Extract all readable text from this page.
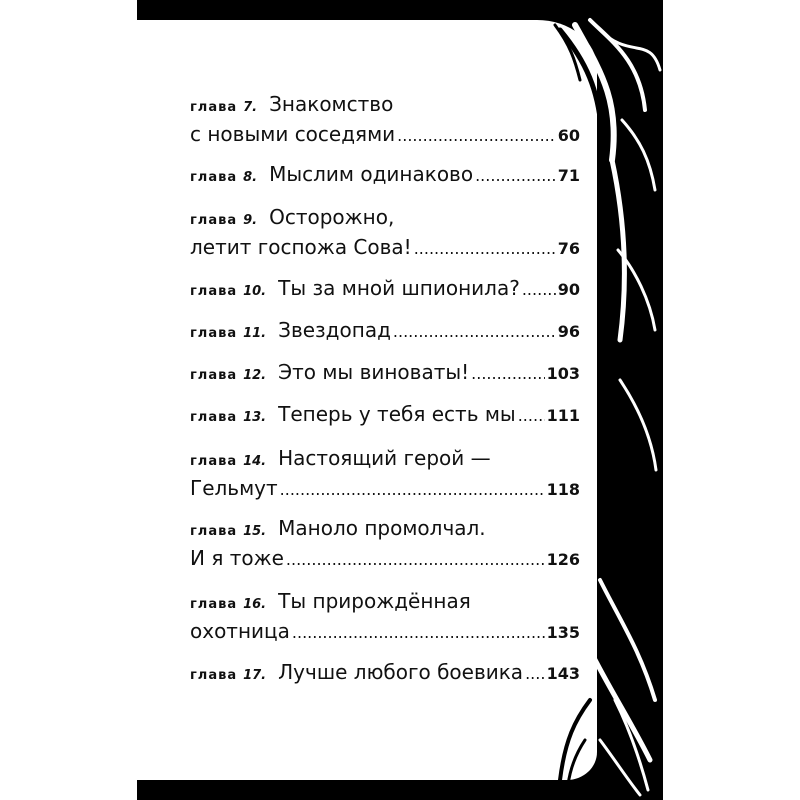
глава 7. Знакомство
с новыми соседями .....	60
глава 8. Мыслим одинаково .....	71
глава 9. Осторожно,
летит госпожа Сова! .....	76
глава 10. Ты за мной шпионила? ..... 90
глава 11. Звездопад .....	96
глава 12. Это мы виноваты! .....	103
глава 13. Теперь у тебя есть мы ..... 111
глава 14. Настоящий герой —
Гельмут .....	118
глава 15. Маноло промолчал.
И я тоже .....	126
глава 16. Ты прирождённая
охотница .....	135
глава 17. Лучше любого боевика ..... 143
